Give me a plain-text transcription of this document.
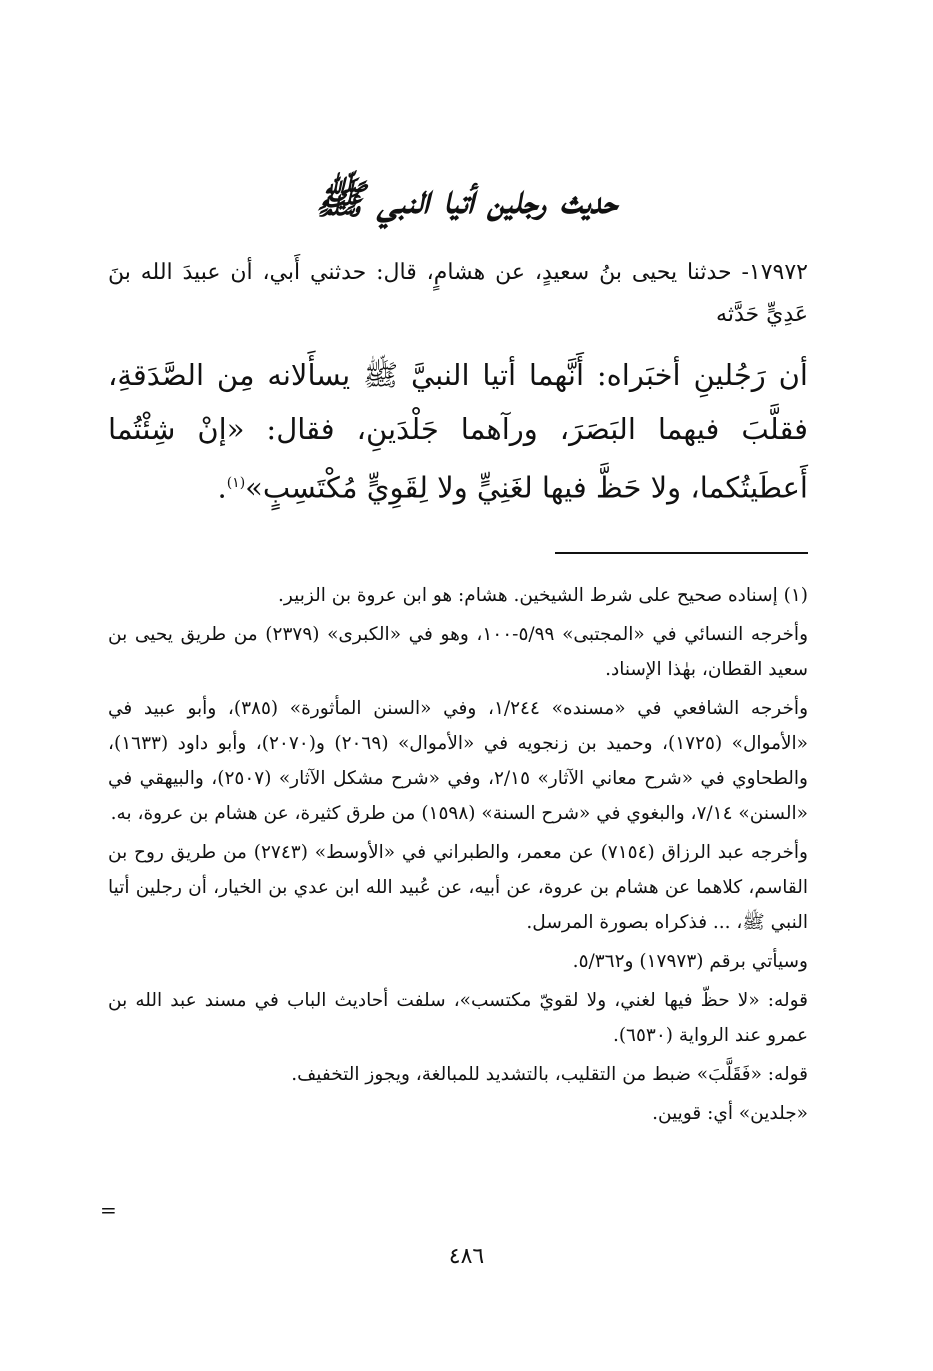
حديث رجلين أتيا النبي ﷺ
١٧٩٧٢- حدثنا يحيى بنُ سعيدٍ، عن هشامٍ، قال: حدثني أَبي، أن عبيدَ الله بنَ عَدِيٍّ حَدَّثه
أن رَجُلينِ أخبَراه: أَنَّهما أتيا النبيَّ ﷺ يسأَلانه مِن الصَّدَقةِ، فقلَّبَ فيهما البَصَرَ، ورآهما جَلْدَينِ، فقال: «إنْ شِئْتُما أَعطَيتُكما، ولا حَظَّ فيها لغَنِيٍّ ولا لِقَوِيٍّ مُكْتَسِبٍ»$^{(١)}$.

(١) إسناده صحيح على شرط الشيخين. هشام: هو ابن عروة بن الزبير.

وأخرجه النسائي في «المجتبى» ٥/٩٩-١٠٠، وهو في «الكبرى» (٢٣٧٩) من طريق يحيى بن سعيد القطان، بهٰذا الإسناد.

وأخرجه الشافعي في «مسنده» ١/٢٤٤، وفي «السنن المأثورة» (٣٨٥)، وأبو عبيد في «الأموال» (١٧٢٥)، وحميد بن زنجويه في «الأموال» (٢٠٦٩) و(٢٠٧٠)، وأبو داود (١٦٣٣)، والطحاوي في «شرح معاني الآثار» ٢/١٥، وفي «شرح مشكل الآثار» (٢٥٠٧)، والبيهقي في «السنن» ٧/١٤، والبغوي في «شرح السنة» (١٥٩٨) من طرق كثيرة، عن هشام بن عروة، به.

وأخرجه عبد الرزاق (٧١٥٤) عن معمر، والطبراني في «الأوسط» (٢٧٤٣) من طريق روح بن القاسم، كلاهما عن هشام بن عروة، عن أبيه، عن عُبيد الله ابن عدي بن الخيار، أن رجلين أتيا النبي ﷺ، ... فذكراه بصورة المرسل.

وسيأتي برقم (١٧٩٧٣) و٥/٣٦٢.

قوله: «لا حظّ فيها لغني، ولا لقويّ مكتسب»، سلفت أحاديث الباب في مسند عبد الله بن عمرو عند الرواية (٦٥٣٠).

قوله: «فَقَلَّبَ» ضبط من التقليب، بالتشديد للمبالغة، ويجوز التخفيف.

«جلدين» أي: قويين.

=
٤٨٦
